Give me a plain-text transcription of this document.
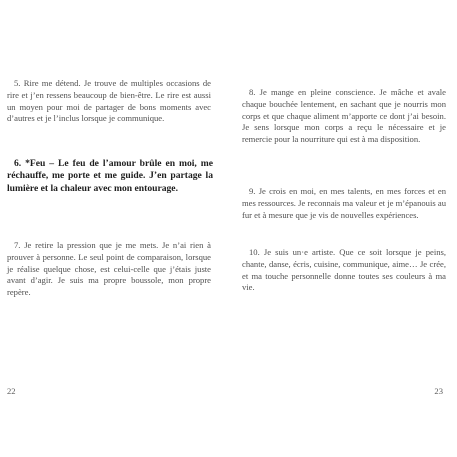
5. Rire me détend. Je trouve de multiples occasions de rire et j’en ressens beaucoup de bien-être. Le rire est aussi un moyen pour moi de partager de bons moments avec d’autres et je l’inclus lorsque je communique.

6. *Feu – Le feu de l’amour brûle en moi, me réchauffe, me porte et me guide. J’en partage la lumière et la chaleur avec mon entourage.

7. Je retire la pression que je me mets. Je n’ai rien à prouver à personne. Le seul point de comparaison, lorsque je réalise quelque chose, est celui-celle que j’étais juste avant d’agir. Je suis ma propre boussole, mon propre repère.

22

8. Je mange en pleine conscience. Je mâche et avale chaque bouchée lentement, en sachant que je nourris mon corps et que chaque aliment m’apporte ce dont j’ai besoin. Je sens lorsque mon corps a reçu le nécessaire et je remercie pour la nourriture qui est à ma disposition.

9. Je crois en moi, en mes talents, en mes forces et en mes ressources. Je reconnais ma valeur et je m’épanouis au fur et à mesure que je vis de nouvelles expériences.

10. Je suis un·e artiste. Que ce soit lorsque je peins, chante, danse, écris, cuisine, communique, aime… Je crée, et ma touche personnelle donne toutes ses couleurs à ma vie.

23
